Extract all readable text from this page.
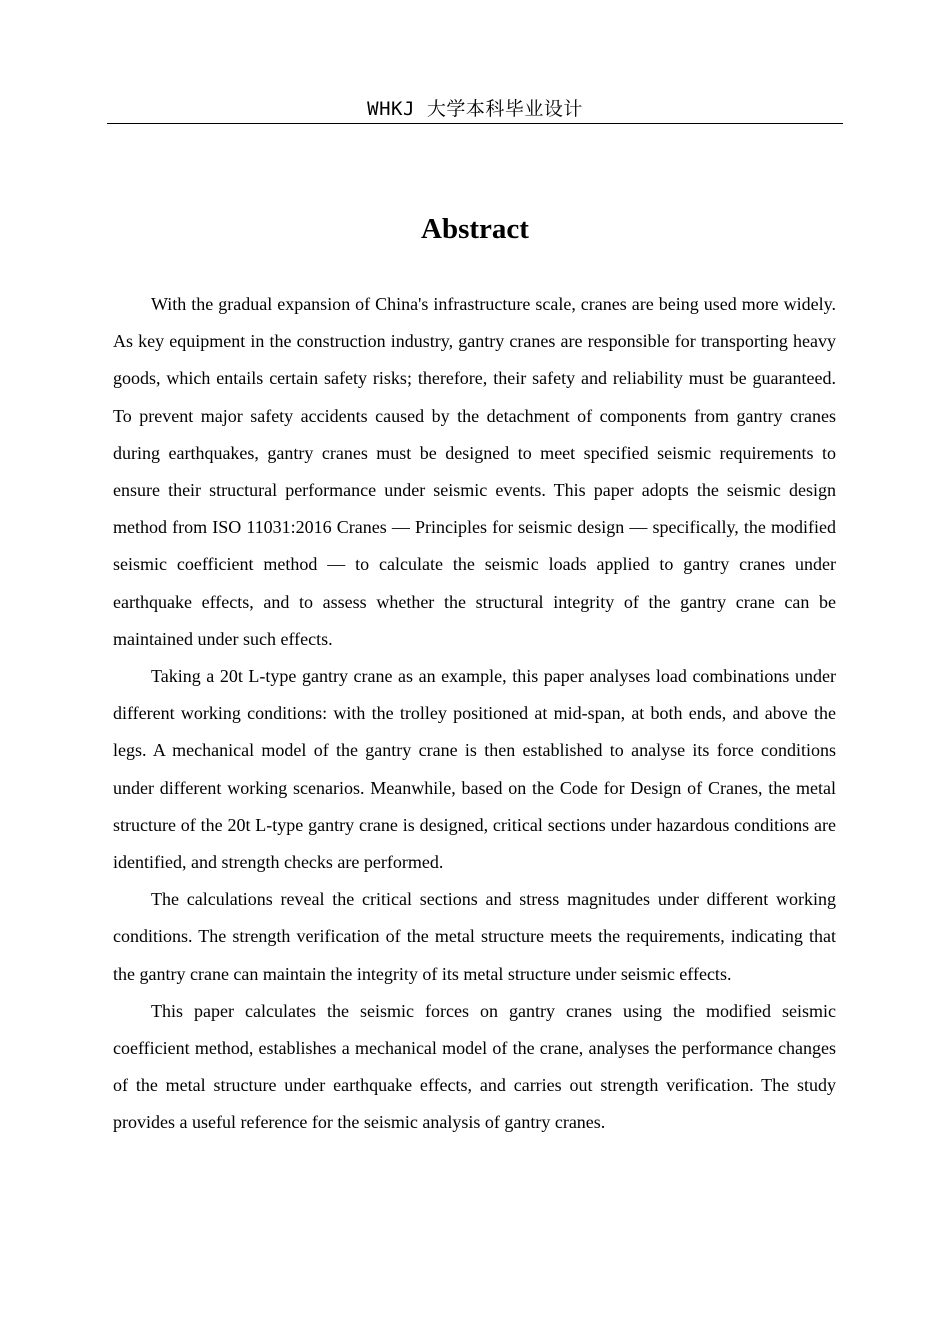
WHKJ 大学本科毕业设计
Abstract

With the gradual expansion of China's infrastructure scale, cranes are being used more widely. As key equipment in the construction industry, gantry cranes are responsible for transporting heavy goods, which entails certain safety risks; therefore, their safety and reliability must be guaranteed. To prevent major safety accidents caused by the detachment of components from gantry cranes during earthquakes, gantry cranes must be designed to meet specified seismic requirements to ensure their structural performance under seismic events. This paper adopts the seismic design method from ISO 11031:2016 Cranes — Principles for seismic design — specifically, the modified seismic coefficient method — to calculate the seismic loads applied to gantry cranes under earthquake effects, and to assess whether the structural integrity of the gantry crane can be maintained under such effects.

Taking a 20t L-type gantry crane as an example, this paper analyses load combinations under different working conditions: with the trolley positioned at mid-span, at both ends, and above the legs. A mechanical model of the gantry crane is then established to analyse its force conditions under different working scenarios. Meanwhile, based on the Code for Design of Cranes, the metal structure of the 20t L-type gantry crane is designed, critical sections under hazardous conditions are identified, and strength checks are performed.

The calculations reveal the critical sections and stress magnitudes under different working conditions. The strength verification of the metal structure meets the requirements, indicating that the gantry crane can maintain the integrity of its metal structure under seismic effects.

This paper calculates the seismic forces on gantry cranes using the modified seismic coefficient method, establishes a mechanical model of the crane, analyses the performance changes of the metal structure under earthquake effects, and carries out strength verification. The study provides a useful reference for the seismic analysis of gantry cranes.
